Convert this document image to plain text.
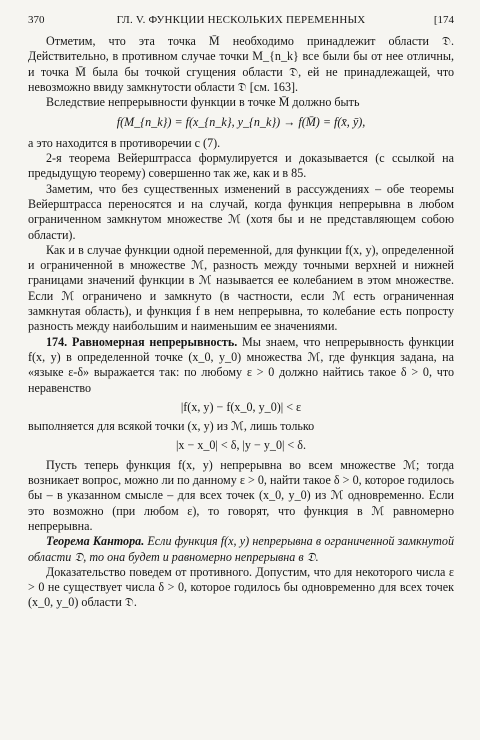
370	ГЛ. V. ФУНКЦИИ НЕСКОЛЬКИХ ПЕРЕМЕННЫХ	[174

Отметим, что эта точка M̄ необходимо принадлежит области 𝔇. Действительно, в противном случае точки M_{n_k} все были бы от нее отличны, и точка M̄ была бы точкой сгущения области 𝔇, ей не принадлежащей, что невозможно ввиду замкнутости области 𝔇 [см. 163].

Вследствие непрерывности функции в точке M̄ должно быть

f(M_{n_k}) = f(x_{n_k}, y_{n_k}) → f(M̄) = f(x̄, ȳ),

а это находится в противоречии с (7).

2-я теорема Вейерштрасса формулируется и доказывается (с ссылкой на предыдущую теорему) совершенно так же, как и в 85.

Заметим, что без существенных изменений в рассуждениях – обе теоремы Вейерштрасса переносятся и на случай, когда функция непрерывна в любом ограниченном замкнутом множестве ℳ (хотя бы и не представляющем собою области).

Как и в случае функции одной переменной, для функции f(x, y), определенной и ограниченной в множестве ℳ, разность между точными верхней и нижней границами значений функции в ℳ называется ее колебанием в этом множестве. Если ℳ ограничено и замкнуто (в частности, если ℳ есть ограниченная замкнутая область), и функция f в нем непрерывна, то колебание есть попросту разность между наибольшим и наименьшим ее значениями.

174. Равномерная непрерывность. Мы знаем, что непрерывность функции f(x, y) в определенной точке (x_0, y_0) множества ℳ, где функция задана, на «языке ε-δ» выражается так: по любому ε > 0 должно найтись такое δ > 0, что неравенство

|f(x, y) − f(x_0, y_0)| < ε

выполняется для всякой точки (x, y) из ℳ, лишь только

|x − x_0| < δ, |y − y_0| < δ.

Пусть теперь функция f(x, y) непрерывна во всем множестве ℳ; тогда возникает вопрос, можно ли по данному ε > 0, найти такое δ > 0, которое годилось бы – в указанном смысле – для всех точек (x_0, y_0) из ℳ одновременно. Если это возможно (при любом ε), то говорят, что функция в ℳ равномерно непрерывна.

Теорема Кантора. Если функция f(x, y) непрерывна в ограниченной замкнутой области 𝔇, то она будет и равномерно непрерывна в 𝔇.

Доказательство поведем от противного. Допустим, что для некоторого числа ε > 0 не существует числа δ > 0, которое годилось бы одновременно для всех точек (x_0, y_0) области 𝔇.
